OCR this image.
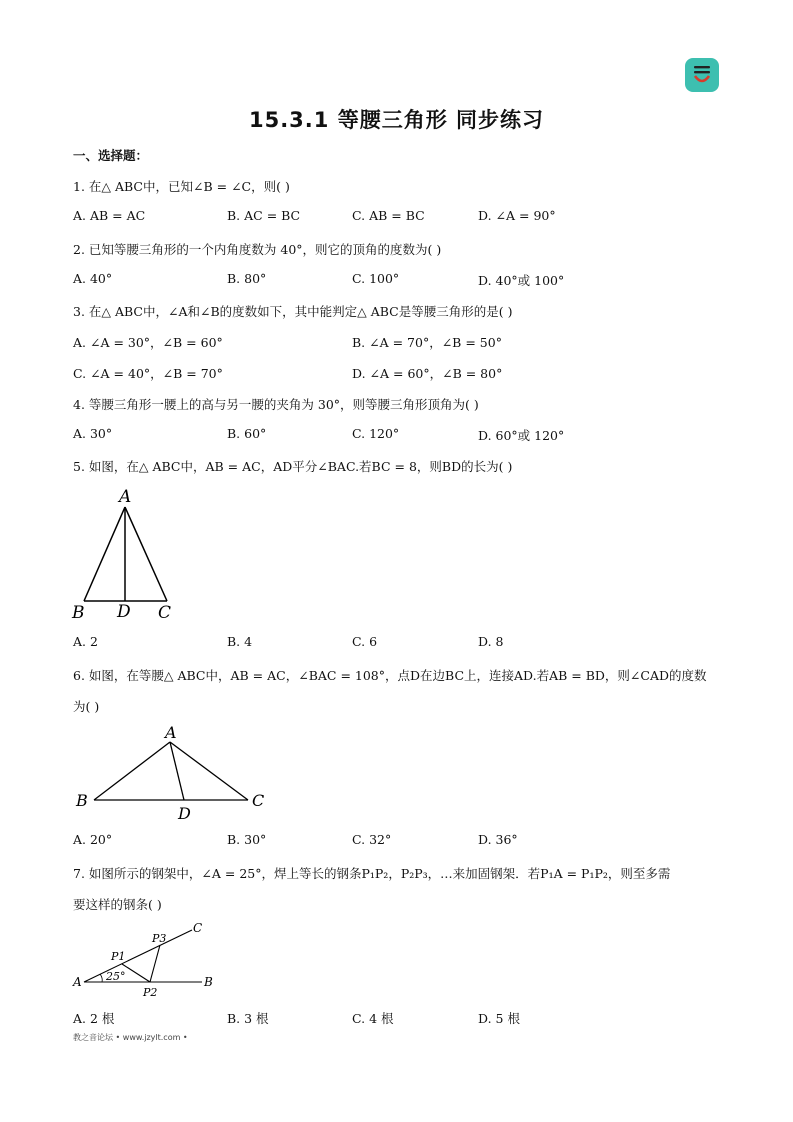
15.3.1 等腰三角形 同步练习
一、选择题：
1. 在△ ABC中，已知∠B = ∠C，则( )
A. AB = AC	B. AC = BC	C. AB = BC	D. ∠A = 90°
2. 已知等腰三角形的一个内角度数为 40°，则它的顶角的度数为( )
A. 40°	B. 80°	C. 100°	D. 40°或 100°
3. 在△ ABC中，∠A和∠B的度数如下，其中能判定△ ABC是等腰三角形的是( )
A. ∠A = 30°，∠B = 60°	B. ∠A = 70°，∠B = 50°
C. ∠A = 40°，∠B = 70°	D. ∠A = 60°，∠B = 80°
4. 等腰三角形一腰上的高与另一腰的夹角为 30°，则等腰三角形顶角为( )
A. 30°	B. 60°	C. 120°	D. 60°或 120°
5. 如图，在△ ABC中，AB = AC，AD平分∠BAC.若BC = 8，则BD的长为( )
A
B D C
A. 2	B. 4	C. 6	D. 8
6. 如图，在等腰△ ABC中，AB = AC，∠BAC = 108°，点D在边BC上，连接AD.若AB = BD，则∠CAD的度数
为( )
A
B
D
C
A. 20°	B. 30°	C. 32°	D. 36°
7. 如图所示的钢架中，∠A = 25°，焊上等长的钢条P₁P₂，P₂P₃，…来加固钢架．若P₁A = P₁P₂，则至多需
要这样的钢条( )
C
P3
P1
25°
A
P2
B
A. 2 根	B. 3 根	C. 4 根	D. 5 根
教之音论坛 • www.jzylt.com •
